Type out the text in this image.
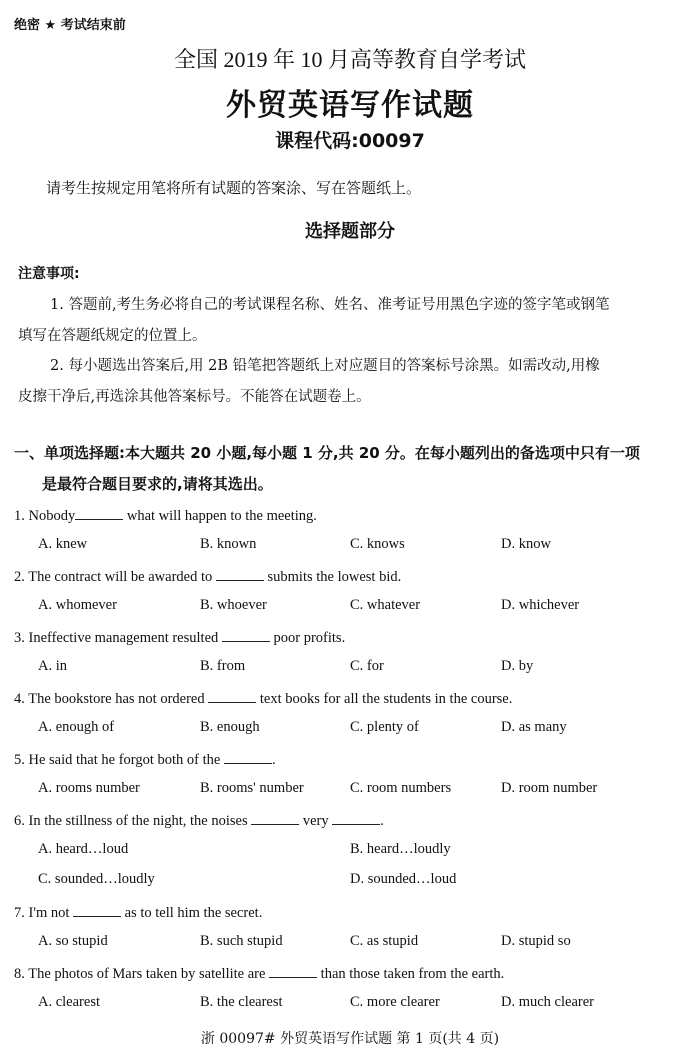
绝密 ★ 考试结束前
全国 2019 年 10 月高等教育自学考试
外贸英语写作试题
课程代码:00097
请考生按规定用笔将所有试题的答案涂、写在答题纸上。
选择题部分
注意事项:
1. 答题前,考生务必将自己的考试课程名称、姓名、准考证号用黑色字迹的签字笔或钢笔
填写在答题纸规定的位置上。
2. 每小题选出答案后,用 2B 铅笔把答题纸上对应题目的答案标号涂黑。如需改动,用橡
皮擦干净后,再选涂其他答案标号。不能答在试题卷上。
一、单项选择题:本大题共 20 小题,每小题 1 分,共 20 分。在每小题列出的备选项中只有一项
是最符合题目要求的,请将其选出。
1. Nobody	what will happen to the meeting.
A. knew	B. known	C. knows	D. know
2. The contract will be awarded to	submits the lowest bid.
A. whomever	B. whoever	C. whatever	D. whichever
3. Ineffective management resulted	poor profits.
A. in	B. from	C. for	D. by
4. The bookstore has not ordered	text books for all the students in the course.
A. enough of	B. enough	C. plenty of	D. as many
5. He said that he forgot both of the	.
A. rooms number	B. rooms' number	C. room numbers	D. room number
6. In the stillness of the night, the noises	very	.
A. heard…loud	B. heard…loudly
C. sounded…loudly	D. sounded…loud
7. I'm not	as to tell him the secret.
A. so stupid	B. such stupid	C. as stupid	D. stupid so
8. The photos of Mars taken by satellite are	than those taken from the earth.
A. clearest	B. the clearest	C. more clearer	D. much clearer
浙 00097# 外贸英语写作试题 第 1 页(共 4 页)
